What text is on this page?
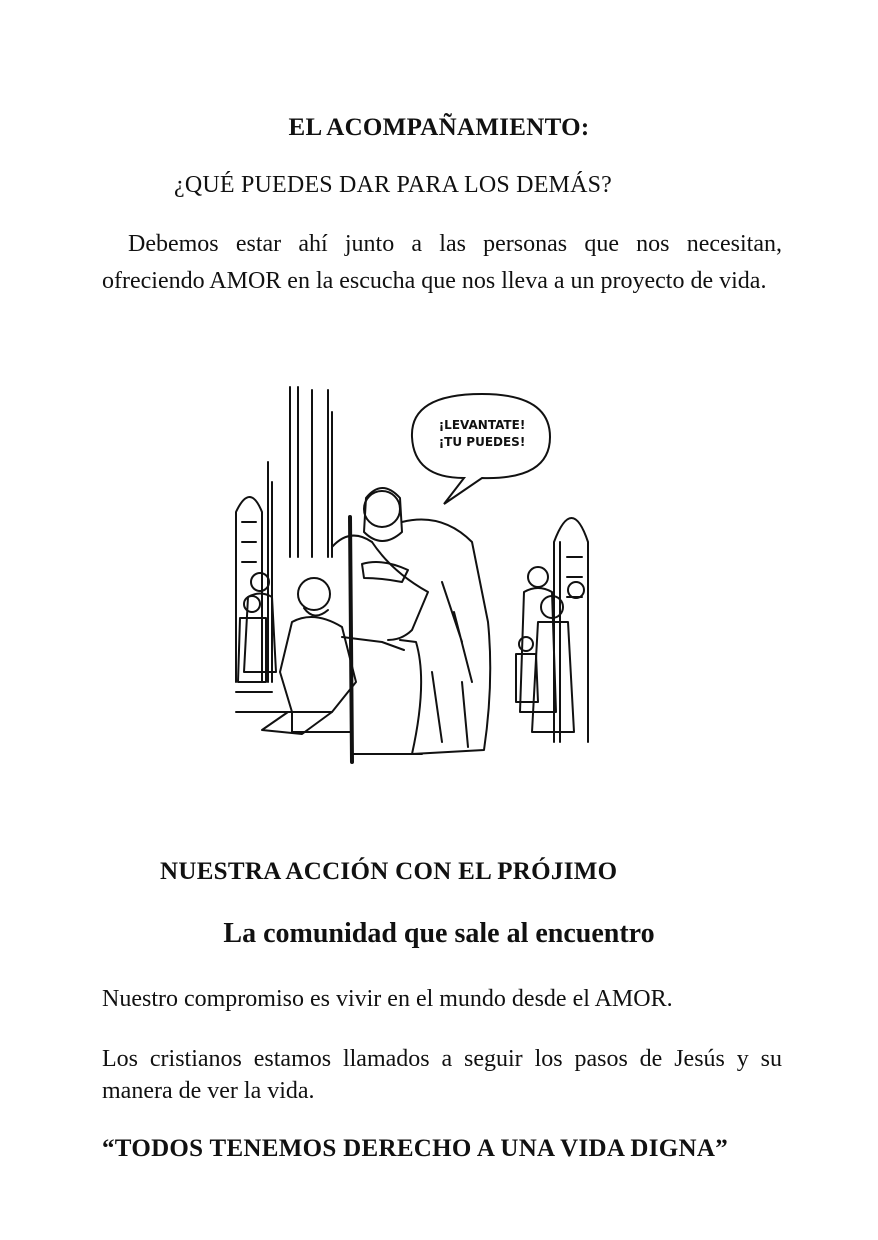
EL ACOMPAÑAMIENTO:
¿QUÉ PUEDES DAR PARA LOS DEMÁS?
Debemos estar ahí junto a las personas que nos necesitan, ofreciendo AMOR en la escucha que nos lleva a un proyecto de vida.
¡LEVANTATE!
¡TU PUEDES!
NUESTRA ACCIÓN CON EL PRÓJIMO
La comunidad que sale al encuentro
Nuestro compromiso es vivir en el mundo desde el AMOR.
Los cristianos estamos llamados a seguir los pasos de Jesús y su manera de ver la vida.
“TODOS TENEMOS DERECHO A UNA VIDA DIGNA”
